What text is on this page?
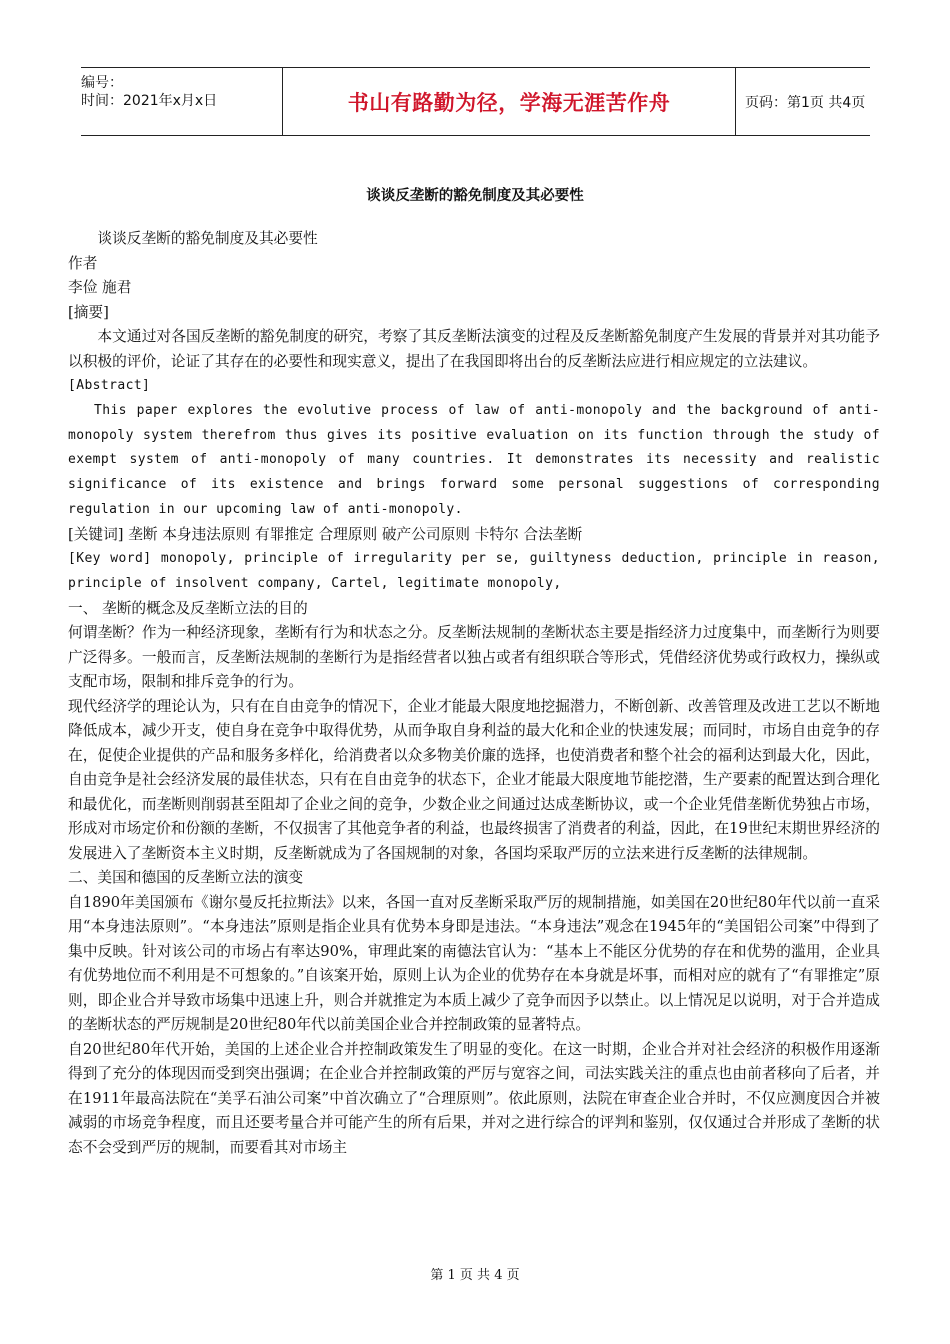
编号：
时间：2021年x月x日	书山有路勤为径，学海无涯苦作舟	页码：第1页 共4页
谈谈反垄断的豁免制度及其必要性

谈谈反垄断的豁免制度及其必要性

作者

李俭 施君

[摘要]

本文通过对各国反垄断的豁免制度的研究，考察了其反垄断法演变的过程及反垄断豁免制度产生发展的背景并对其功能予以积极的评价，论证了其存在的必要性和现实意义，提出了在我国即将出台的反垄断法应进行相应规定的立法建议。

[Abstract]

This paper explores the evolutive process of law of anti-monopoly and the background of anti-monopoly system therefrom thus gives its positive evaluation on its function through the study of exempt system of anti-monopoly of many countries. It demonstrates its necessity and realistic significance of its existence and brings forward some personal suggestions of corresponding regulation in our upcoming law of anti-monopoly.

[关键词] 垄断 本身违法原则 有罪推定 合理原则 破产公司原则 卡特尔 合法垄断

[Key word] monopoly, principle of irregularity per se, guiltyness deduction, principle in reason, principle of insolvent company, Cartel, legitimate monopoly,

一、 垄断的概念及反垄断立法的目的

何谓垄断？作为一种经济现象，垄断有行为和状态之分。反垄断法规制的垄断状态主要是指经济力过度集中，而垄断行为则要广泛得多。一般而言，反垄断法规制的垄断行为是指经营者以独占或者有组织联合等形式，凭借经济优势或行政权力，操纵或支配市场，限制和排斥竞争的行为。

现代经济学的理论认为，只有在自由竞争的情况下，企业才能最大限度地挖掘潜力，不断创新、改善管理及改进工艺以不断地降低成本，减少开支，使自身在竞争中取得优势，从而争取自身利益的最大化和企业的快速发展；而同时，市场自由竞争的存在，促使企业提供的产品和服务多样化，给消费者以众多物美价廉的选择，也使消费者和整个社会的福利达到最大化，因此，自由竞争是社会经济发展的最佳状态，只有在自由竞争的状态下，企业才能最大限度地节能挖潜，生产要素的配置达到合理化和最优化，而垄断则削弱甚至阻却了企业之间的竞争，少数企业之间通过达成垄断协议，或一个企业凭借垄断优势独占市场，形成对市场定价和份额的垄断，不仅损害了其他竞争者的利益，也最终损害了消费者的利益，因此，在19世纪末期世界经济的发展进入了垄断资本主义时期，反垄断就成为了各国规制的对象，各国均采取严厉的立法来进行反垄断的法律规制。

二、美国和德国的反垄断立法的演变

自1890年美国颁布《谢尔曼反托拉斯法》以来，各国一直对反垄断采取严厉的规制措施，如美国在20世纪80年代以前一直采用“本身违法原则”。“本身违法”原则是指企业具有优势本身即是违法。“本身违法”观念在1945年的“美国铝公司案”中得到了集中反映。针对该公司的市场占有率达90%，审理此案的南德法官认为：“基本上不能区分优势的存在和优势的滥用，企业具有优势地位而不利用是不可想象的。”自该案开始，原则上认为企业的优势存在本身就是坏事，而相对应的就有了“有罪推定”原则，即企业合并导致市场集中迅速上升，则合并就推定为本质上减少了竞争而因予以禁止。以上情况足以说明，对于合并造成的垄断状态的严厉规制是20世纪80年代以前美国企业合并控制政策的显著特点。

自20世纪80年代开始，美国的上述企业合并控制政策发生了明显的变化。在这一时期，企业合并对社会经济的积极作用逐渐得到了充分的体现因而受到突出强调；在企业合并控制政策的严厉与宽容之间，司法实践关注的重点也由前者移向了后者，并在1911年最高法院在“美孚石油公司案”中首次确立了“合理原则”。依此原则，法院在审查企业合并时，不仅应测度因合并被减弱的市场竞争程度，而且还要考量合并可能产生的所有后果，并对之进行综合的评判和鉴别，仅仅通过合并形成了垄断的状态不会受到严厉的规制，而要看其对市场主

第 1 页 共 4 页
